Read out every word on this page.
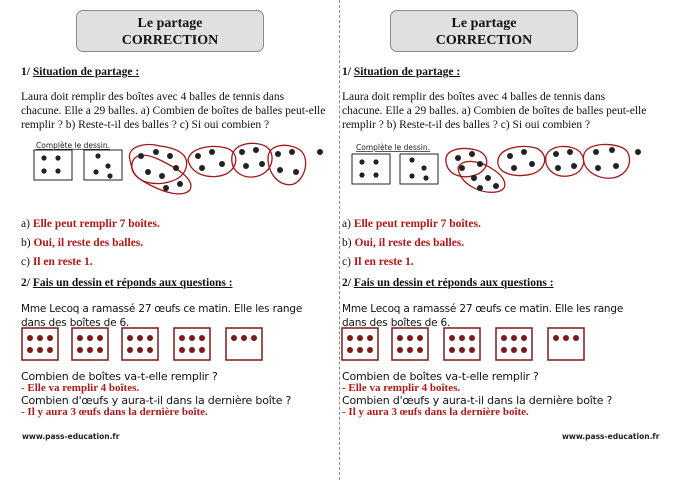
Le partage
CORRECTION
1/ Situation de partage :
Laura doit remplir des boîtes avec 4 balles de tennis dans chacune. Elle a 29 balles. a) Combien de boîtes de balles peut-elle remplir ? b) Reste-t-il des balles ? c) Si oui combien ?
Complète le dessin.
a) Elle peut remplir 7 boîtes.
b) Oui, il reste des balles.
c) Il en reste 1.
2/ Fais un dessin et réponds aux questions :
Mme Lecoq a ramassé 27 œufs ce matin. Elle les range dans des boîtes de 6.
Combien de boîtes va-t-elle remplir ?
- Elle va remplir 4 boîtes.
Combien d'œufs y aura-t-il dans la dernière boîte ?
- Il y aura 3 œufs dans la dernière boîte.
www.pass-education.fr
Le partage
CORRECTION
1/ Situation de partage :
Laura doit remplir des boîtes avec 4 balles de tennis dans chacune. Elle a 29 balles. a) Combien de boîtes de balles peut-elle remplir ? b) Reste-t-il des balles ? c) Si oui combien ?
Complète le dessin.
a) Elle peut remplir 7 boîtes.
b) Oui, il reste des balles.
c) Il en reste 1.
2/ Fais un dessin et réponds aux questions :
Mme Lecoq a ramassé 27 œufs ce matin. Elle les range dans des boîtes de 6.
Combien de boîtes va-t-elle remplir ?
- Elle va remplir 4 boîtes.
Combien d'œufs y aura-t-il dans la dernière boîte ?
- Il y aura 3 œufs dans la dernière boîte.
www.pass-education.fr
